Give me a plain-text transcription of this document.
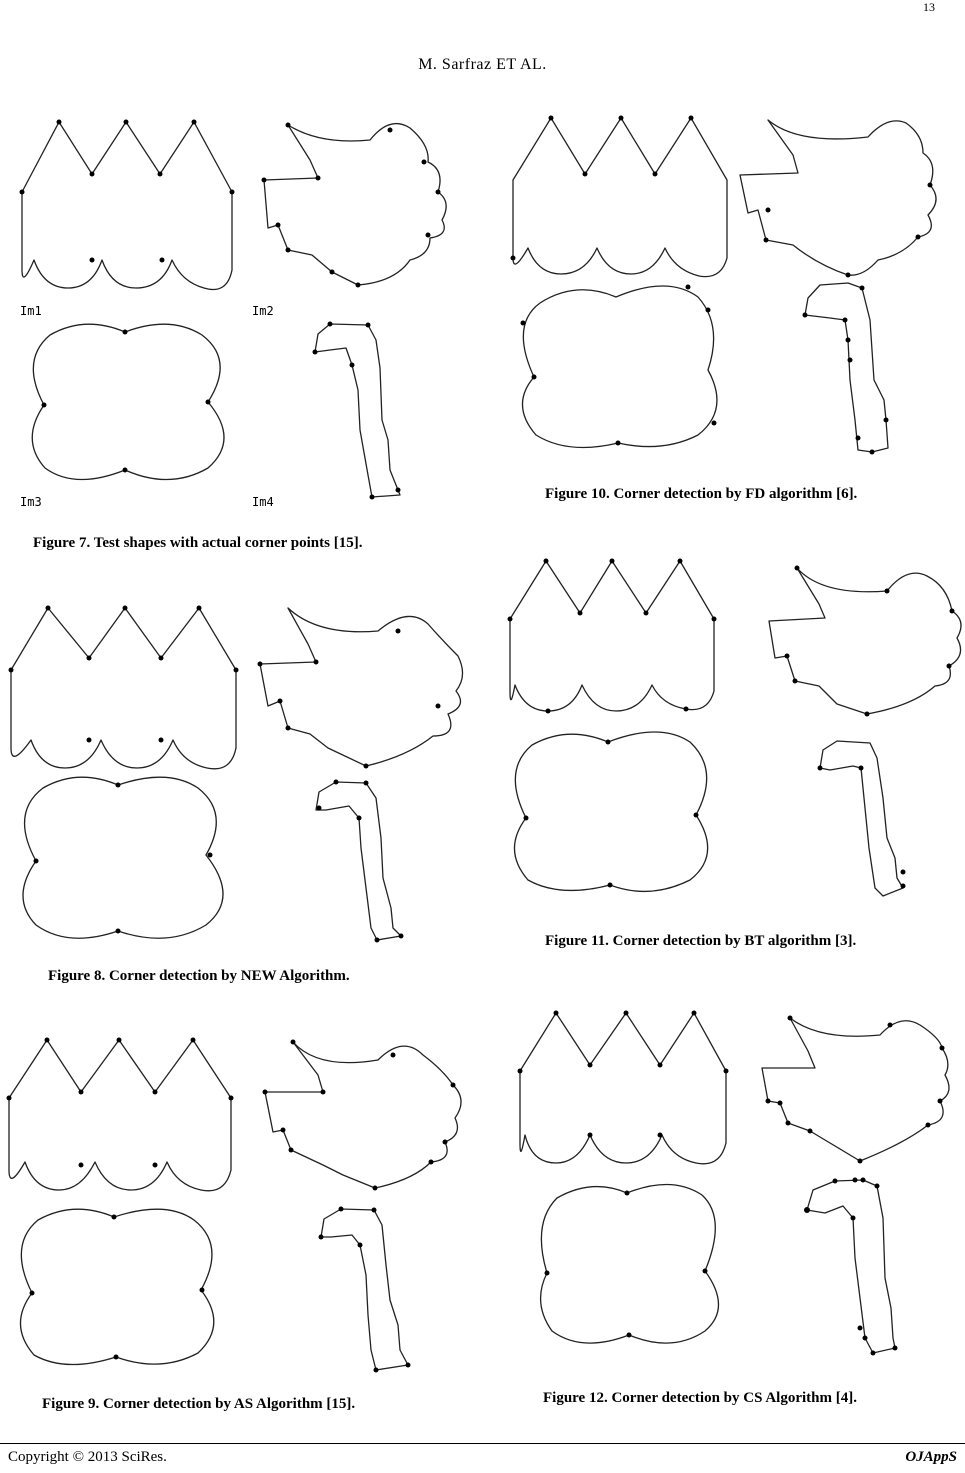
13
M. Sarfraz ET AL.
Im1	Im2
Im3	Im4
Figure 7. Test shapes with actual corner points [15].
Figure 8. Corner detection by NEW Algorithm.
Figure 9. Corner detection by AS Algorithm [15].
Figure 10. Corner detection by FD algorithm [6].
Figure 11. Corner detection by BT algorithm [3].
Figure 12. Corner detection by CS Algorithm [4].
Copyright © 2013 SciRes.	OJAppS
